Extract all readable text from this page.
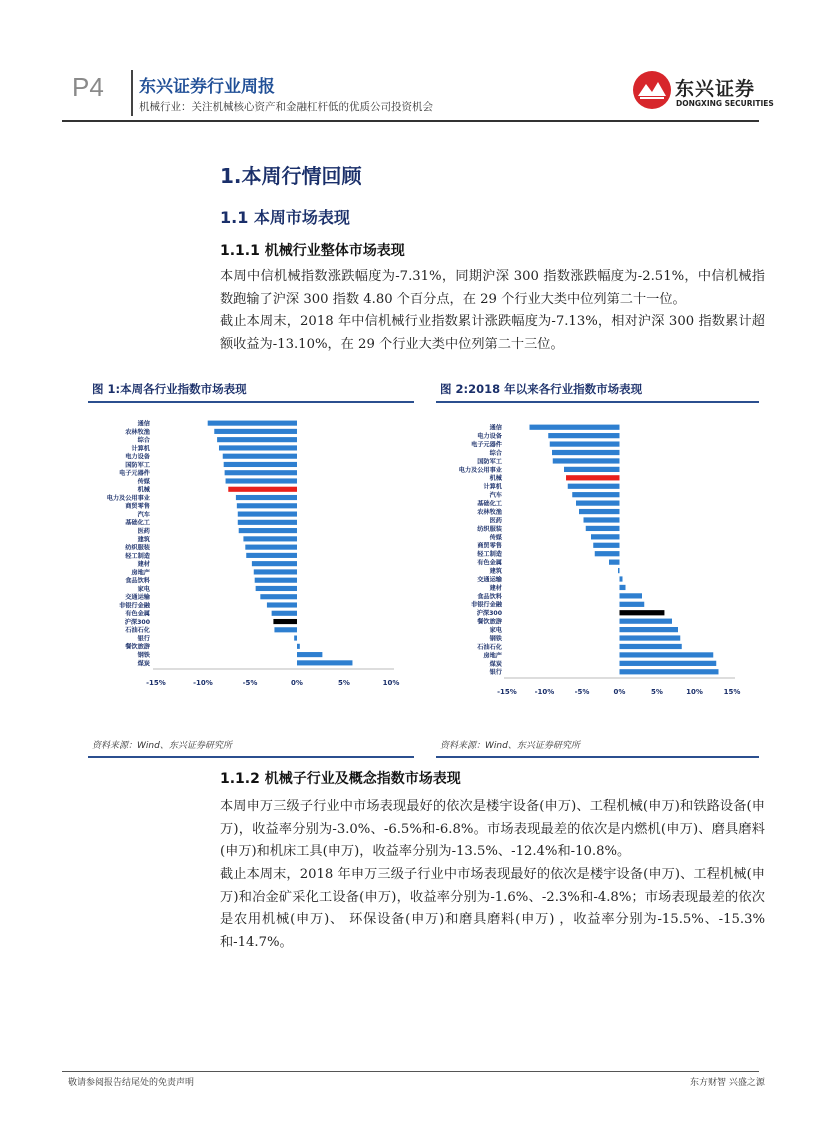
P4 东兴证券行业周报
机械行业：关注机械核心资产和金融杠杆低的优质公司投资机会
东兴证券
DONGXING SECURITIES
1.本周行情回顾
1.1 本周市场表现
1.1.1 机械行业整体市场表现
本周中信机械指数涨跌幅度为-7.31%，同期沪深 300 指数涨跌幅度为-2.51%，中信机械指数跑输了沪深 300 指数 4.80 个百分点，在 29 个行业大类中位列第二十一位。
截止本周末，2018 年中信机械行业指数累计涨跌幅度为-7.13%，相对沪深 300 指数累计超额收益为-13.10%，在 29 个行业大类中位列第二十三位。
图 1:本周各行业指数市场表现
通信
农林牧渔
综合
计算机
电力设备
国防军工
电子元器件
传媒
机械
电力及公用事业
商贸零售
汽车
基础化工
医药
建筑
纺织服装
轻工制造
建材
房地产
食品饮料
家电
交通运输
非银行金融
有色金属
沪深300
石油石化
银行
餐饮旅游
钢铁
煤炭
-15%	-10%	-5%	0%	5%	10%
资料来源：Wind、东兴证券研究所
图 2:2018 年以来各行业指数市场表现
通信
电力设备
电子元器件
综合
国防军工
电力及公用事业
机械
计算机
汽车
基础化工
农林牧渔
医药
纺织服装
传媒
商贸零售
轻工制造
有色金属
建筑
交通运输
建材
食品饮料
非银行金融
沪深300
餐饮旅游
家电
钢铁
石油石化
房地产
煤炭
银行
-15%	-10%	-5%	0%	5%	10%	15%
资料来源：Wind、东兴证券研究所
1.1.2 机械子行业及概念指数市场表现
本周申万三级子行业中市场表现最好的依次是楼宇设备(申万)、工程机械(申万)和铁路设备(申万)，收益率分别为-3.0%、-6.5%和-6.8%。市场表现最差的依次是内燃机(申万)、磨具磨料(申万)和机床工具(申万)，收益率分别为-13.5%、-12.4%和-10.8%。
截止本周末，2018 年申万三级子行业中市场表现最好的依次是楼宇设备(申万)、工程机械(申万)和冶金矿采化工设备(申万)，收益率分别为-1.6%、-2.3%和-4.8%；市场表现最差的依次是农用机械(申万)、 环保设备(申万)和磨具磨料(申万) ，收益率分别为-15.5%、-15.3%和-14.7%。
敬请参阅报告结尾处的免责声明	东方财智 兴盛之源
